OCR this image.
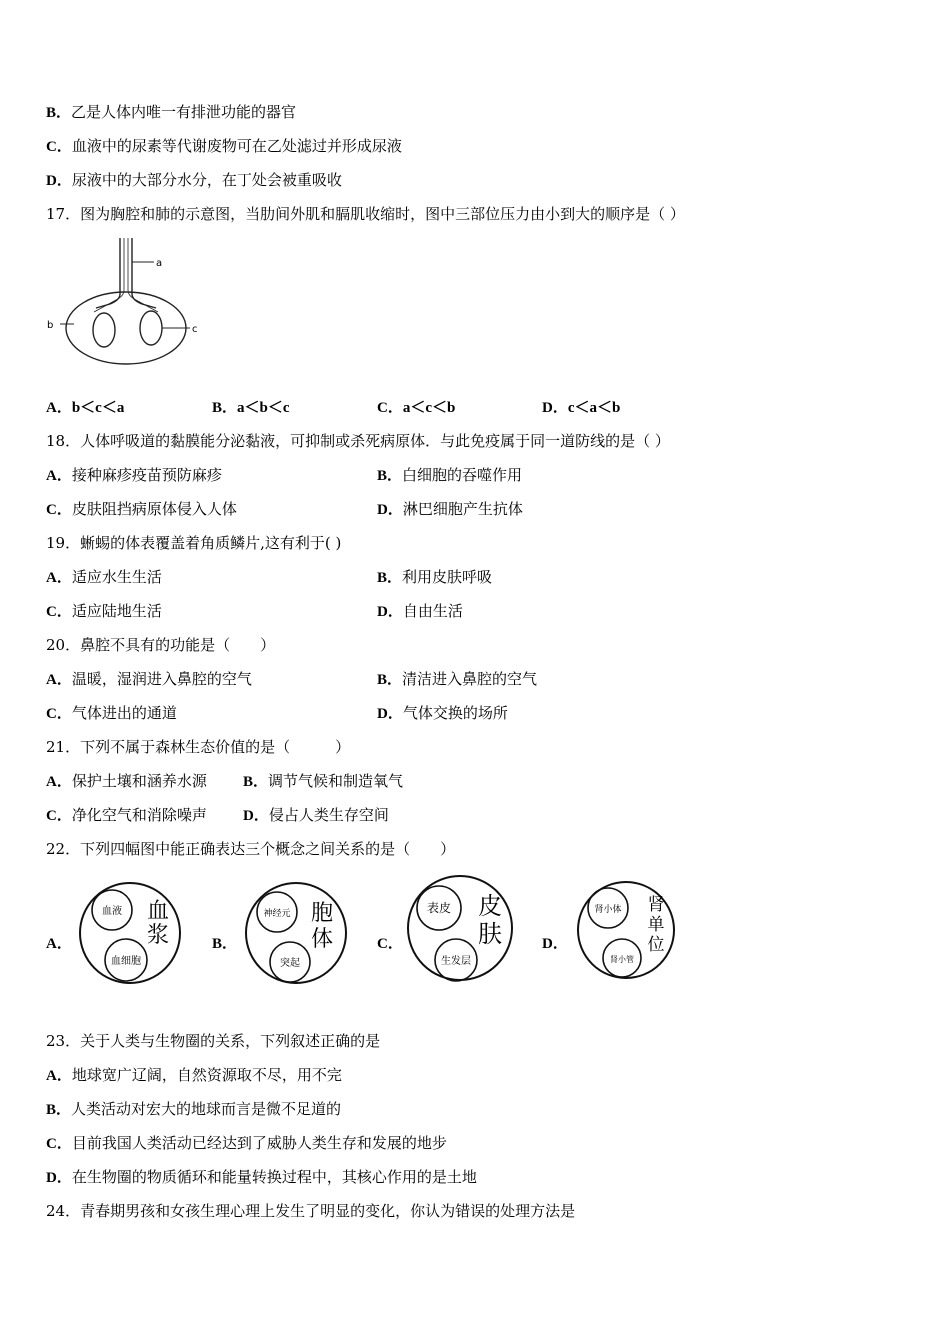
B．乙是人体内唯一有排泄功能的器官
C．血液中的尿素等代谢废物可在乙处滤过并形成尿液
D．尿液中的大部分水分，在丁处会被重吸收
17．图为胸腔和肺的示意图，当肋间外肌和膈肌收缩时，图中三部位压力由小到大的顺序是（ ）
a
b	c
A．b＜c＜a	B．a＜b＜c	C．a＜c＜b	D．c＜a＜b
18．人体呼吸道的黏膜能分泌黏液，可抑制或杀死病原体．与此免疫属于同一道防线的是（ ）
A．接种麻疹疫苗预防麻疹	B．白细胞的吞噬作用
C．皮肤阻挡病原体侵入人体	D．淋巴细胞产生抗体
19．蜥蜴的体表覆盖着角质鳞片,这有利于( )
A．适应水生生活	B．利用皮肤呼吸
C．适应陆地生活	D．自由生活
20．鼻腔不具有的功能是（　　）
A．温暖，湿润进入鼻腔的空气	B．清洁进入鼻腔的空气
C．气体进出的通道	D．气体交换的场所
21．下列不属于森林生态价值的是（　　　）
A．保护土壤和涵养水源 B．调节气候和制造氧气
C．净化空气和消除噪声 D．侵占人类生存空间
22．下列四幅图中能正确表达三个概念之间关系的是（　　）
A．
血液
血细胞
血
浆	B．
神经元
突起
胞
体	C．
表皮
生发层
皮
肤	D．
肾小体
肾小管
肾
单
位
23．关于人类与生物圈的关系，下列叙述正确的是
A．地球宽广辽阔，自然资源取不尽，用不完
B．人类活动对宏大的地球而言是微不足道的
C．目前我国人类活动已经达到了威胁人类生存和发展的地步
D．在生物圈的物质循环和能量转换过程中，其核心作用的是土地
24．青春期男孩和女孩生理心理上发生了明显的变化，你认为错误的处理方法是
